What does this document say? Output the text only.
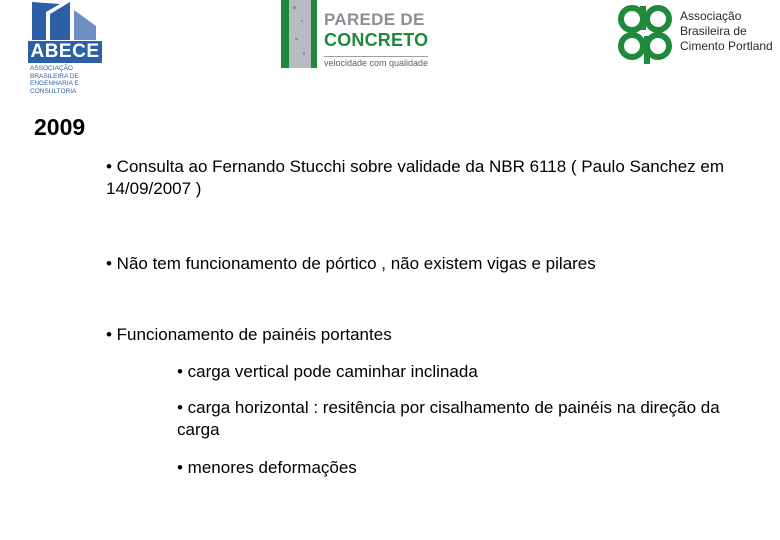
ABECE
ASSOCIAÇÃO
BRASILEIRA DE
ENGENHARIA E
CONSULTORIA
PAREDE DE
CONCRETO
velocidade com qualidade
Associação
Brasileira de
Cimento Portland
2009
• Consulta ao Fernando Stucchi sobre validade da NBR 6118 ( Paulo Sanchez em 14/09/2007 )
• Não tem funcionamento de pórtico , não existem vigas e pilares
• Funcionamento de painéis portantes
• carga vertical pode caminhar inclinada
• carga horizontal : resitência por cisalhamento de painéis na direção da carga
• menores deformações
